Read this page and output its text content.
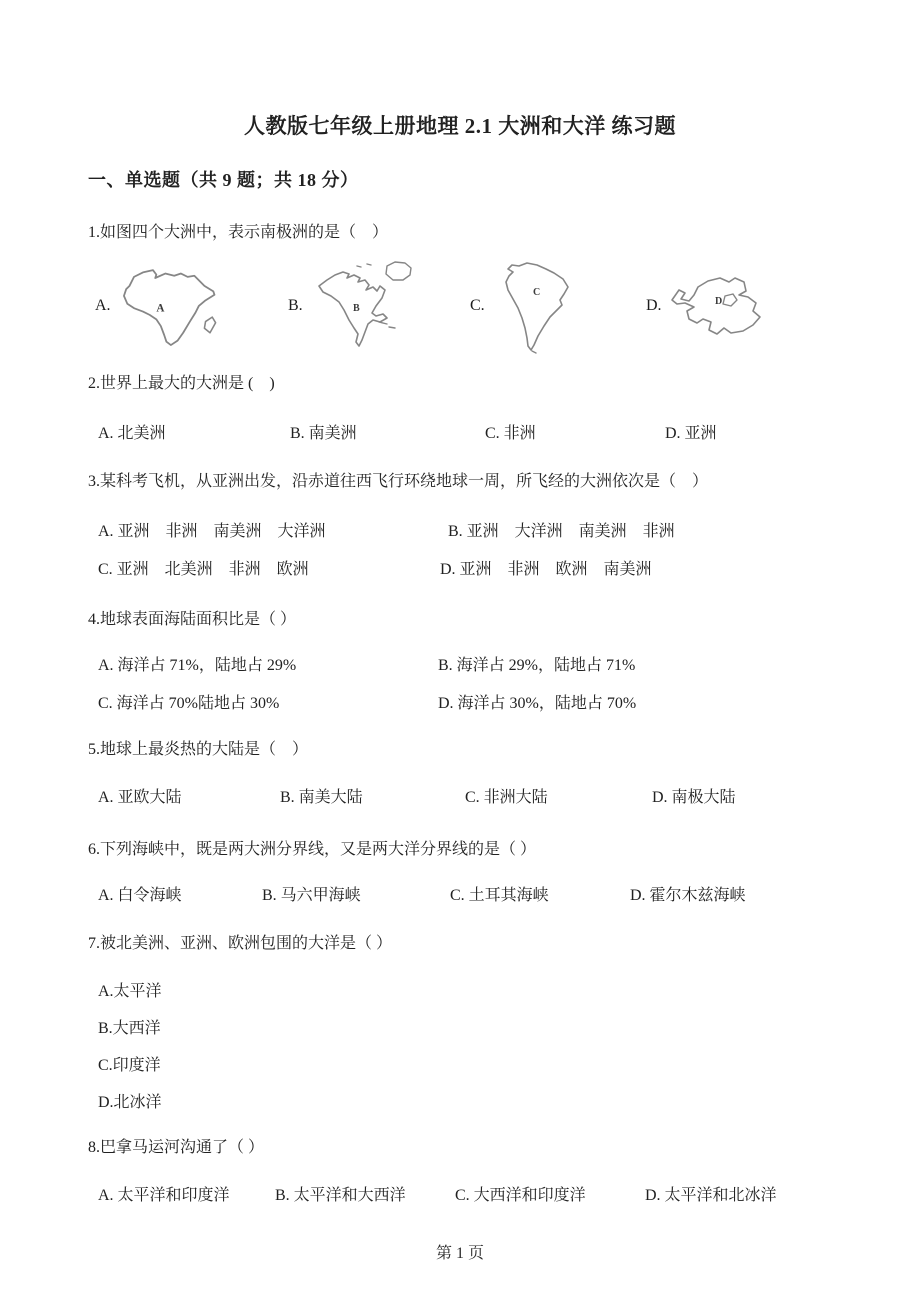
人教版七年级上册地理 2.1 大洲和大洋 练习题
一、单选题（共 9 题；共 18 分）
1.如图四个大洲中，表示南极洲的是（　）
A.	A	B.	B	C.
C
D.	D
2.世界上最大的大洲是 (　)
A. 北美洲	B. 南美洲	C. 非洲	D. 亚洲
3.某科考飞机，从亚洲出发，沿赤道往西飞行环绕地球一周，所飞经的大洲依次是（　）
A. 亚洲　非洲　南美洲　大洋洲	B. 亚洲　大洋洲　南美洲　非洲
C. 亚洲　北美洲　非洲　欧洲	D. 亚洲　非洲　欧洲　南美洲
4.地球表面海陆面积比是（ ）
A. 海洋占 71%，陆地占 29%	B. 海洋占 29%，陆地占 71%
C. 海洋占 70%陆地占 30%	D. 海洋占 30%，陆地占 70%
5.地球上最炎热的大陆是（　）
A. 亚欧大陆	B. 南美大陆	C. 非洲大陆	D. 南极大陆
6.下列海峡中，既是两大洲分界线，又是两大洋分界线的是（ ）
A. 白令海峡	B. 马六甲海峡	C. 土耳其海峡	D. 霍尔木兹海峡
7.被北美洲、亚洲、欧洲包围的大洋是（ ）
A.太平洋
B.大西洋
C.印度洋
D.北冰洋
8.巴拿马运河沟通了（ ）
A. 太平洋和印度洋	B. 太平洋和大西洋	C. 大西洋和印度洋	D. 太平洋和北冰洋
第 1 页
